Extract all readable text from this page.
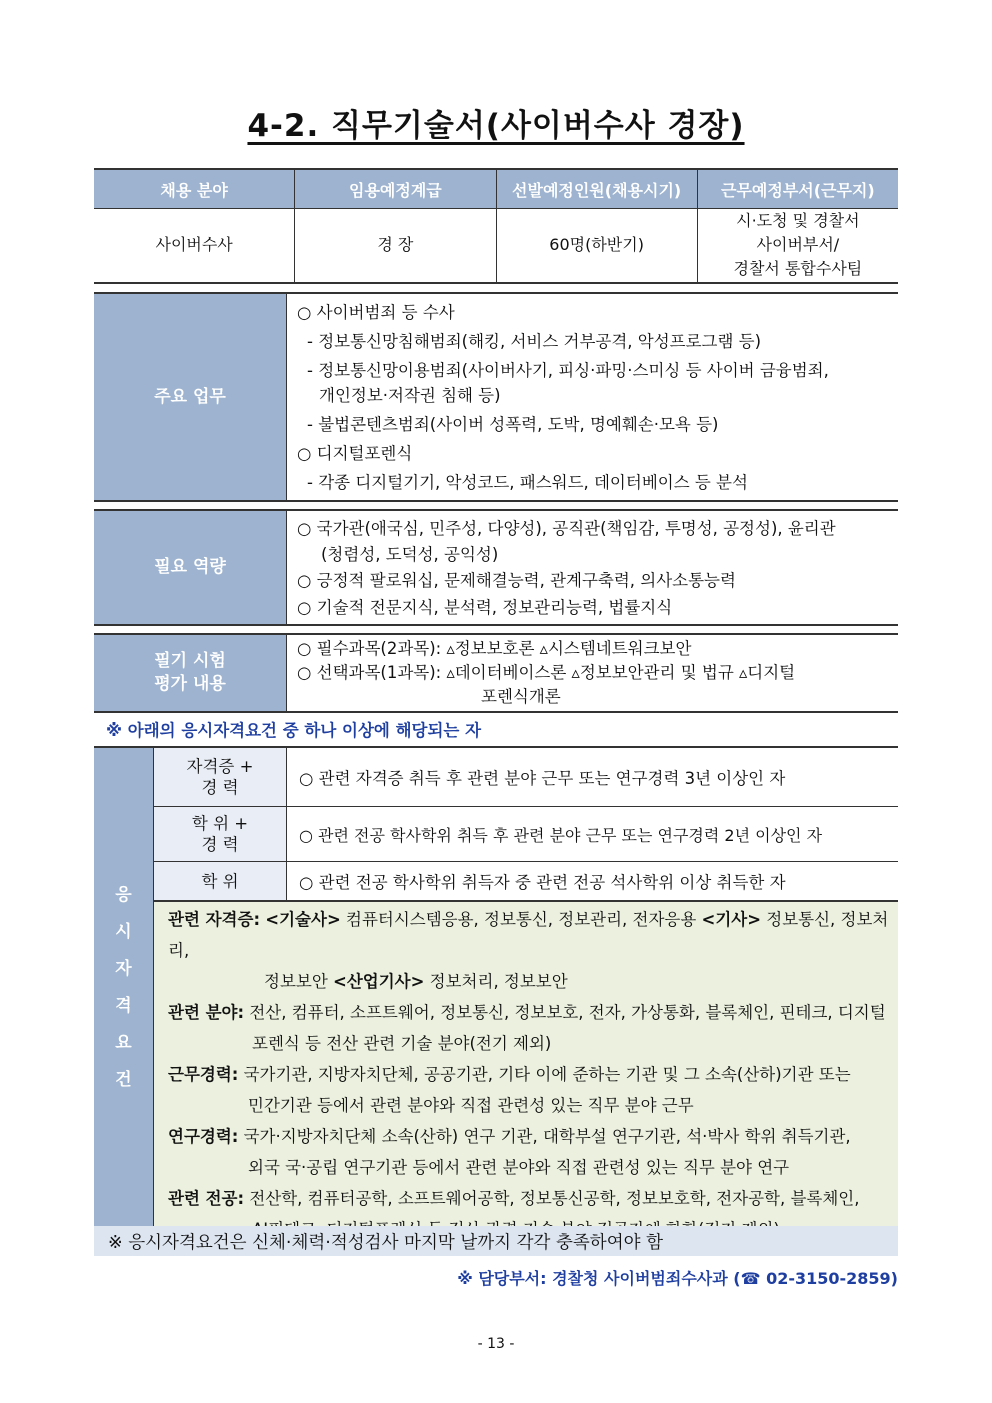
4-2. 직무기술서(사이버수사 경장)
채용 분야	임용예정계급	선발예정인원(채용시기)	근무예정부서(근무지)
사이버수사	경 장	60명(하반기)
시·도청 및 경찰서
사이버부서/
경찰서 통합수사팀
주요 업무
○ 사이버범죄 등 수사
- 정보통신망침해범죄(해킹, 서비스 거부공격, 악성프로그램 등)
- 정보통신망이용범죄(사이버사기, 피싱·파밍·스미싱 등 사이버 금융범죄,
개인정보·저작권 침해 등)
- 불법콘텐츠범죄(사이버 성폭력, 도박, 명예훼손·모욕 등)
○ 디지털포렌식
- 각종 디지털기기, 악성코드, 패스워드, 데이터베이스 등 분석
필요 역량
○ 국가관(애국심, 민주성, 다양성), 공직관(책임감, 투명성, 공정성), 윤리관
(청렴성, 도덕성, 공익성)
○ 긍정적 팔로워십, 문제해결능력, 관계구축력, 의사소통능력
○ 기술적 전문지식, 분석력, 정보관리능력, 법률지식
필기 시험
평가 내용
○ 필수과목(2과목): ▵정보보호론 ▵시스템네트워크보안
○ 선택과목(1과목): ▵데이터베이스론 ▵정보보안관리 및 법규 ▵디지털
포렌식개론
※ 아래의 응시자격요건 중 하나 이상에 해당되는 자
응
시
자
격
요
건
자격증 +
경 력	○ 관련 자격증 취득 후 관련 분야 근무 또는 연구경력 3년 이상인 자
학 위 +
경 력	○ 관련 전공 학사학위 취득 후 관련 분야 근무 또는 연구경력 2년 이상인 자
학 위	○ 관련 전공 학사학위 취득자 중 관련 전공 석사학위 이상 취득한 자

관련 자격증: <기술사> 컴퓨터시스템응용, 정보통신, 정보관리, 전자응용 <기사> 정보통신, 정보처리,

정보보안 <산업기사> 정보처리, 정보보안

관련 분야: 전산, 컴퓨터, 소프트웨어, 정보통신, 정보보호, 전자, 가상통화, 블록체인, 핀테크, 디지털

포렌식 등 전산 관련 기술 분야(전기 제외)

근무경력: 국가기관, 지방자치단체, 공공기관, 기타 이에 준하는 기관 및 그 소속(산하)기관 또는

민간기관 등에서 관련 분야와 직접 관련성 있는 직무 분야 근무

연구경력: 국가·지방자치단체 소속(산하) 연구 기관, 대학부설 연구기관, 석·박사 학위 취득기관,

외국 국·공립 연구기관 등에서 관련 분야와 직접 관련성 있는 직무 분야 연구

관련 전공: 전산학, 컴퓨터공학, 소프트웨어공학, 정보통신공학, 정보보호학, 전자공학, 블록체인,

※ 응시자격요건은 신체·체력·적성검사 마지막 날까지 각각 충족하여야 함
※ 담당부서: 경찰청 사이버범죄수사과 (☎ 02-3150-2859)
- 13 -
